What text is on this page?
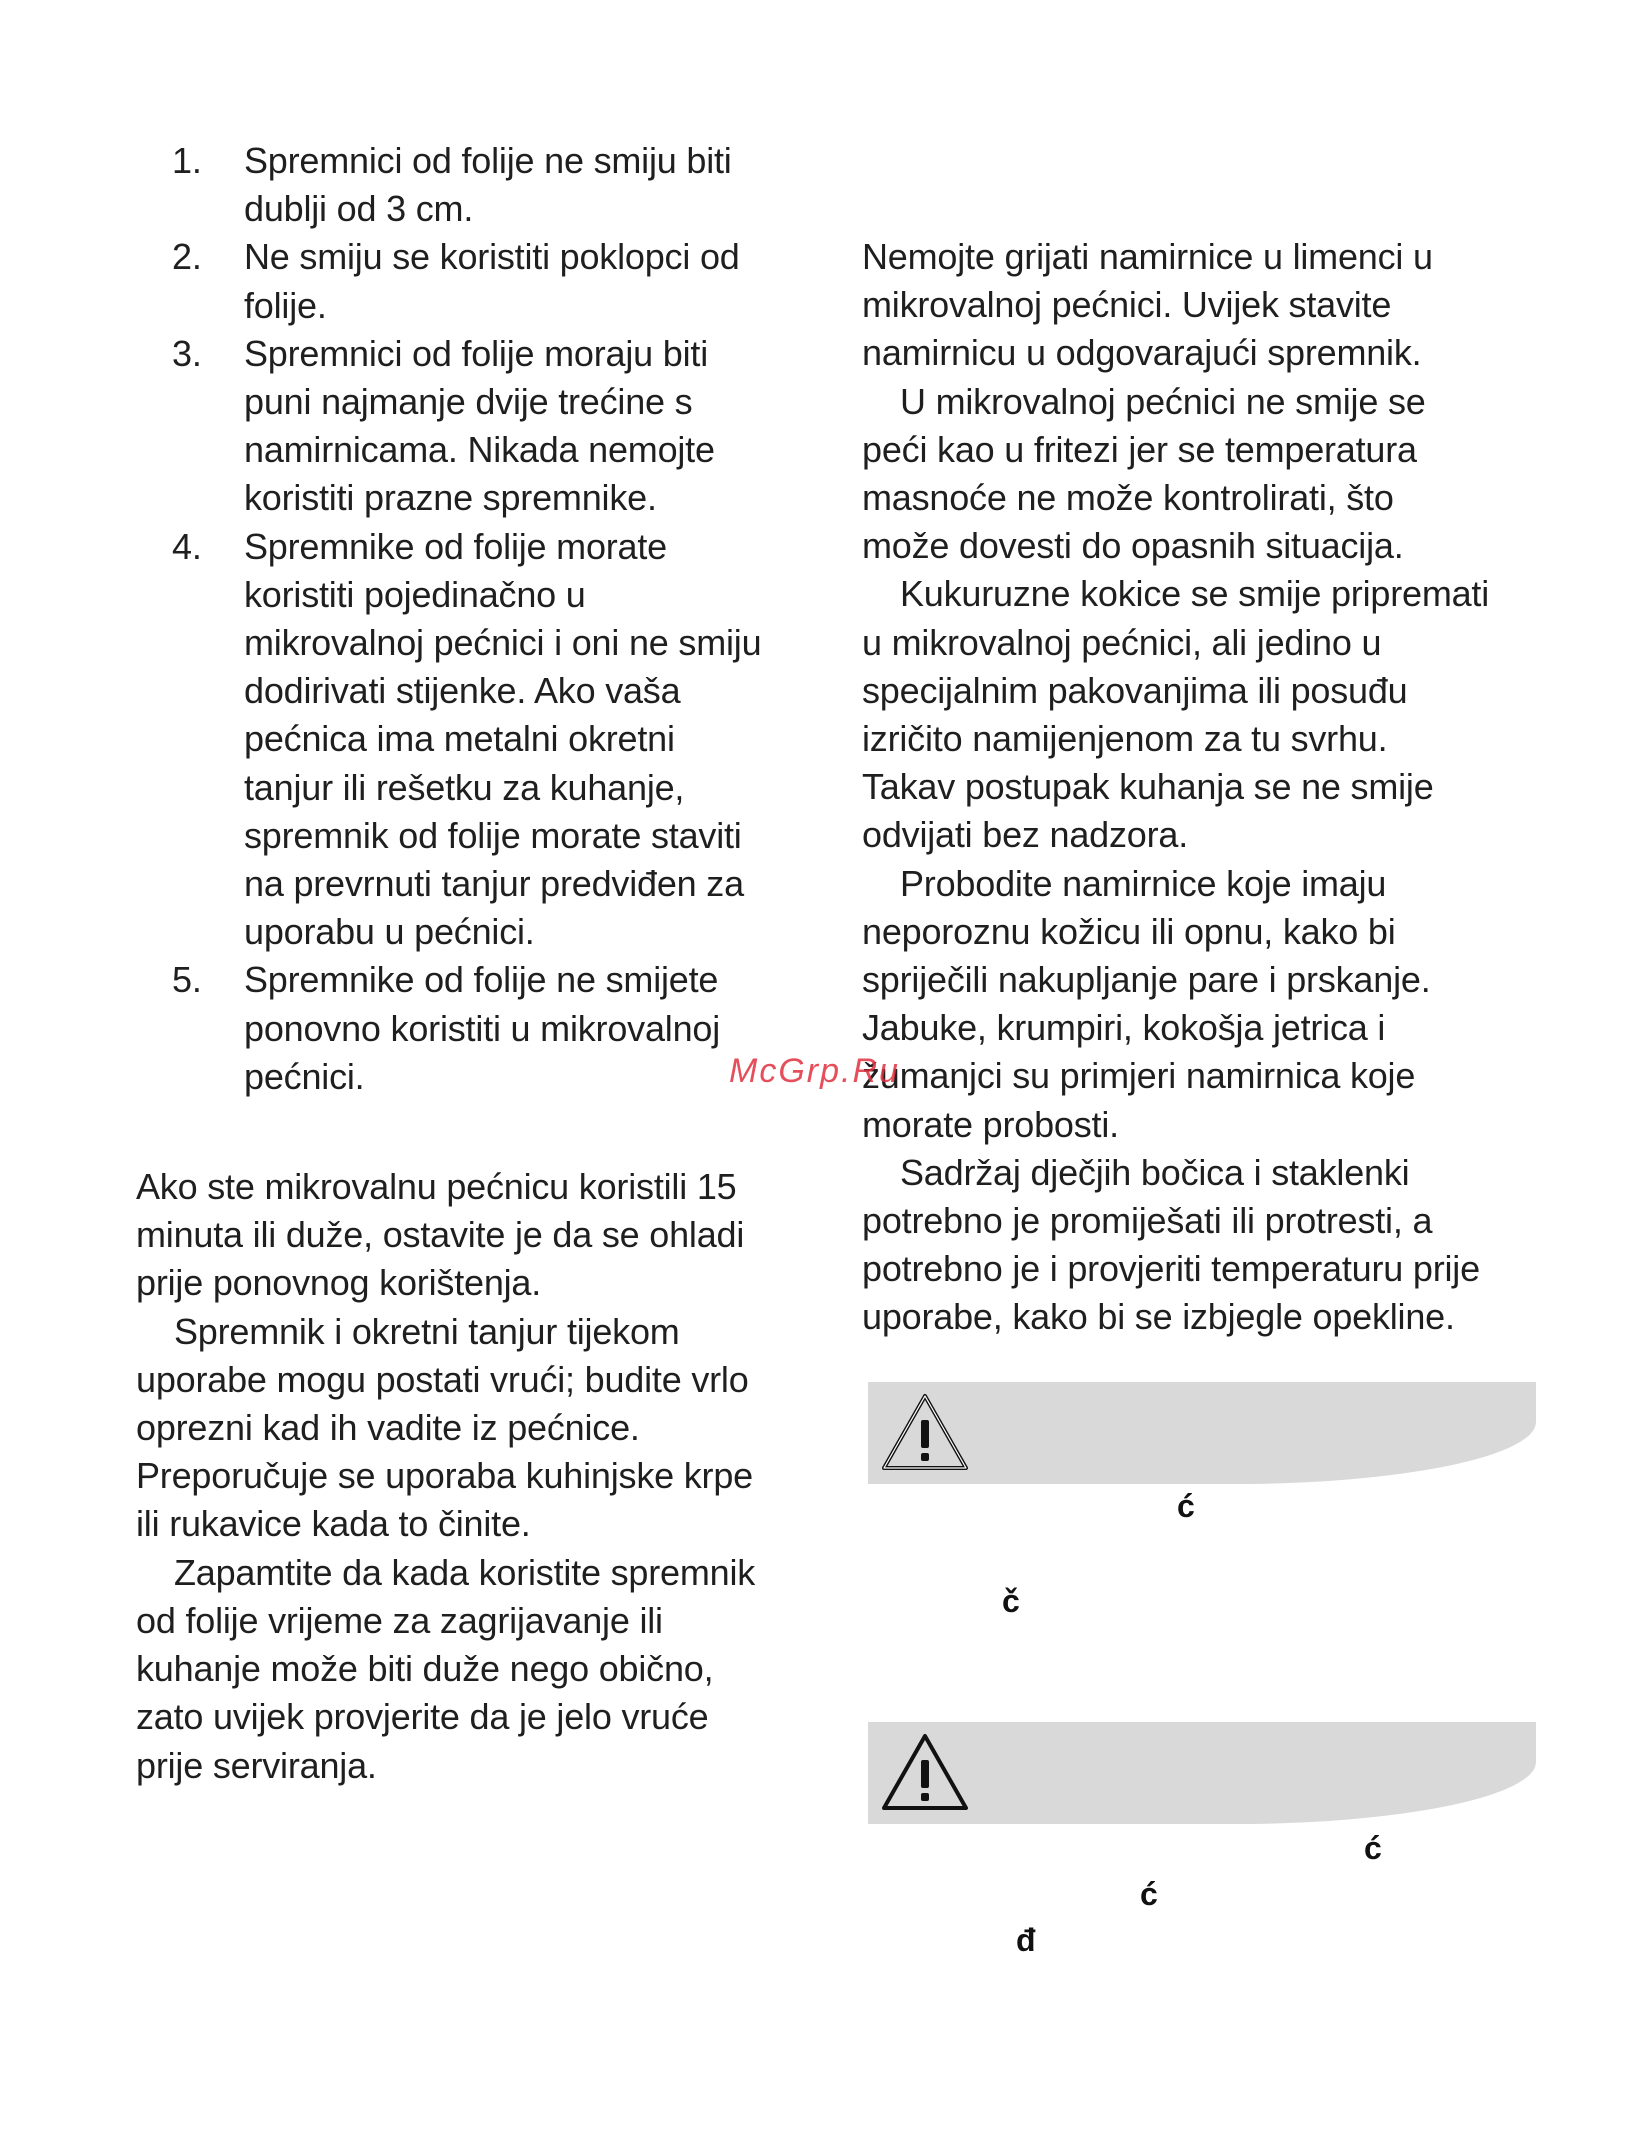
1. Spremnici od folije ne smiju biti
dublji od 3 cm.
2. Ne smiju se koristiti poklopci od
folije.
3. Spremnici od folije moraju biti
puni najmanje dvije trećine s
namirnicama. Nikada nemojte
koristiti prazne spremnike.
4. Spremnike od folije morate
koristiti pojedinačno u
mikrovalnoj pećnici i oni ne smiju
dodirivati stijenke. Ako vaša
pećnica ima metalni okretni
tanjur ili rešetku za kuhanje,
spremnik od folije morate staviti
na prevrnuti tanjur predviđen za
uporabu u pećnici.
5. Spremnike od folije ne smijete
ponovno koristiti u mikrovalnoj
pećnici.

Ako ste mikrovalnu pećnicu koristili 15
minuta ili duže, ostavite je da se ohladi
prije ponovnog korištenja.

Spremnik i okretni tanjur tijekom
uporabe mogu postati vrući; budite vrlo
oprezni kad ih vadite iz pećnice.
Preporučuje se uporaba kuhinjske krpe
ili rukavice kada to činite.

Zapamtite da kada koristite spremnik
od folije vrijeme za zagrijavanje ili
kuhanje može biti duže nego obično,
zato uvijek provjerite da je jelo vruće
prije serviranja.

Nemojte grijati namirnice u limenci u
mikrovalnoj pećnici. Uvijek stavite
namirnicu u odgovarajući spremnik.

U mikrovalnoj pećnici ne smije se
peći kao u fritezi jer se temperatura
masnoće ne može kontrolirati, što
može dovesti do opasnih situacija.

Kukuruzne kokice se smije pripremati
u mikrovalnoj pećnici, ali jedino u
specijalnim pakovanjima ili posuđu
izričito namijenjenom za tu svrhu.
Takav postupak kuhanja se ne smije
odvijati bez nadzora.

Probodite namirnice koje imaju
neporoznu kožicu ili opnu, kako bi
spriječili nakupljanje pare i prskanje.
Jabuke, krumpiri, kokošja jetrica i
žumanjci su primjeri namirnica koje
morate probosti.

Sadržaj dječjih bočica i staklenki
potrebno je promiješati ili protresti, a
potrebno je i provjeriti temperaturu prije
uporabe, kako bi se izbjegle opekline.

ć
č
ć
ć
đ
McGrp.Ru
